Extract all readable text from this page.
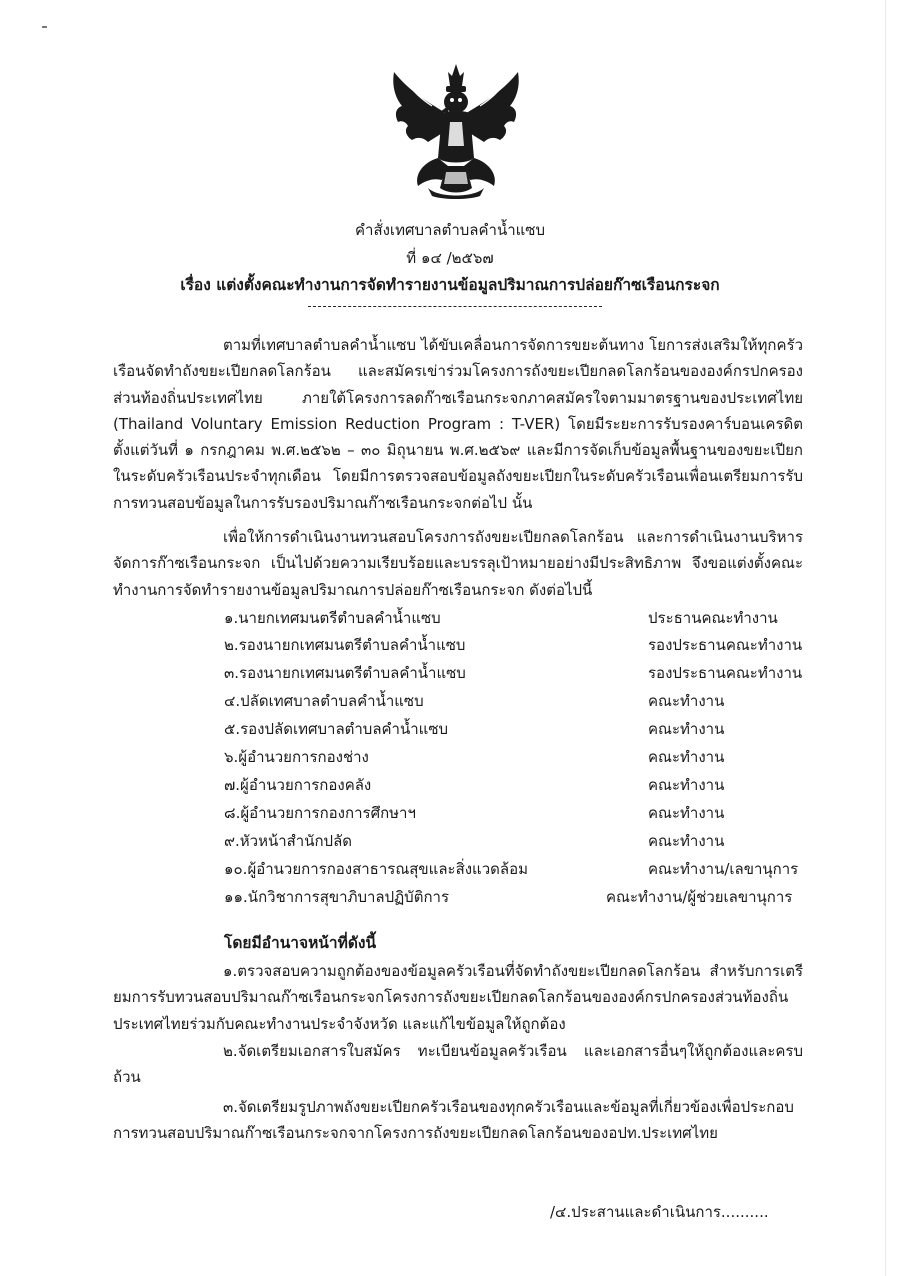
คำสั่งเทศบาลตำบลคำน้ำแซบ
ที่ ๑๔ /๒๕๖๗
เรื่อง แต่งตั้งคณะทำงานการจัดทำรายงานข้อมูลปริมาณการปล่อยก๊าซเรือนกระจก

ตามที่เทศบาลตำบลคำน้ำแซบ ได้ขับเคลื่อนการจัดการขยะต้นทาง โยการส่งเสริมให้ทุกครัวเรือนจัดทำถังขยะเปียกลดโลกร้อน และสมัครเข่าร่วมโครงการถังขยะเปียกลดโลกร้อนขององค์กรปกครองส่วนท้องถิ่นประเทศไทย ภายใต้โครงการลดก๊าซเรือนกระจกภาคสมัครใจตามมาตรฐานของประเทศไทย (Thailand Voluntary Emission Reduction Program : T-VER) โดยมีระยะการรับรองคาร์บอนเครดิตตั้งแต่วันที่ ๑ กรกฎาคม พ.ศ.๒๕๖๒ – ๓๐ มิถุนายน พ.ศ.๒๕๖๙ และมีการจัดเก็บข้อมูลพื้นฐานของขยะเปียกในระดับครัวเรือนประจำทุกเดือน โดยมีการตรวจสอบข้อมูลถังขยะเปียกในระดับครัวเรือนเพื่อนเตรียมการรับการทวนสอบข้อมูลในการรับรองปริมาณก๊าซเรือนกระจกต่อไป นั้น

เพื่อให้การดำเนินงานทวนสอบโครงการถังขยะเปียกลดโลกร้อน และการดำเนินงานบริหารจัดการก๊าซเรือนกระจก เป็นไปด้วยความเรียบร้อยและบรรลุเป้าหมายอย่างมีประสิทธิภาพ จึงขอแต่งตั้งคณะทำงานการจัดทำรายงานข้อมูลปริมาณการปล่อยก๊าซเรือนกระจก ดังต่อไปนี้

๑.นายกเทศมนตรีตำบลคำน้ำแซบ	ประธานคณะทำงาน
๒.รองนายกเทศมนตรีตำบลคำน้ำแซบ	รองประธานคณะทำงาน
๓.รองนายกเทศมนตรีตำบลคำน้ำแซบ	รองประธานคณะทำงาน
๔.ปลัดเทศบาลตำบลคำน้ำแซบ	คณะทำงาน
๕.รองปลัดเทศบาลตำบลคำน้ำแซบ	คณะทำงาน
๖.ผู้อำนวยการกองช่าง	คณะทำงาน
๗.ผู้อำนวยการกองคลัง	คณะทำงาน
๘.ผู้อำนวยการกองการศึกษาฯ	คณะทำงาน
๙.หัวหน้าสำนักปลัด	คณะทำงาน
๑๐.ผู้อำนวยการกองสาธารณสุขและสิ่งแวดล้อม	คณะทำงาน/เลขานุการ
๑๑.นักวิชาการสุขาภิบาลปฏิบัติการ	คณะทำงาน/ผู้ช่วยเลขานุการ
โดยมีอำนาจหน้าที่ดังนี้

๑.ตรวจสอบความถูกต้องของข้อมูลครัวเรือนที่จัดทำถังขยะเปียกลดโลกร้อน สำหรับการเตรียมการรับทวนสอบปริมาณก๊าซเรือนกระจกโครงการถังขยะเปียกลดโลกร้อนขององค์กรปกครองส่วนท้องถิ่น ประเทศไทยร่วมกับคณะทำงานประจำจังหวัด และแก้ไขข้อมูลให้ถูกต้อง

๒.จัดเตรียมเอกสารใบสมัคร ทะเบียนข้อมูลครัวเรือน และเอกสารอื่นๆให้ถูกต้องและครบถ้วน

๓.จัดเตรียมรูปภาพถังขยะเปียกครัวเรือนของทุกครัวเรือนและข้อมูลที่เกี่ยวข้องเพื่อประกอบการทวนสอบปริมาณก๊าซเรือนกระจกจากโครงการถังขยะเปียกลดโลกร้อนของอปท.ประเทศไทย

/๔.ประสานและดำเนินการ..........
